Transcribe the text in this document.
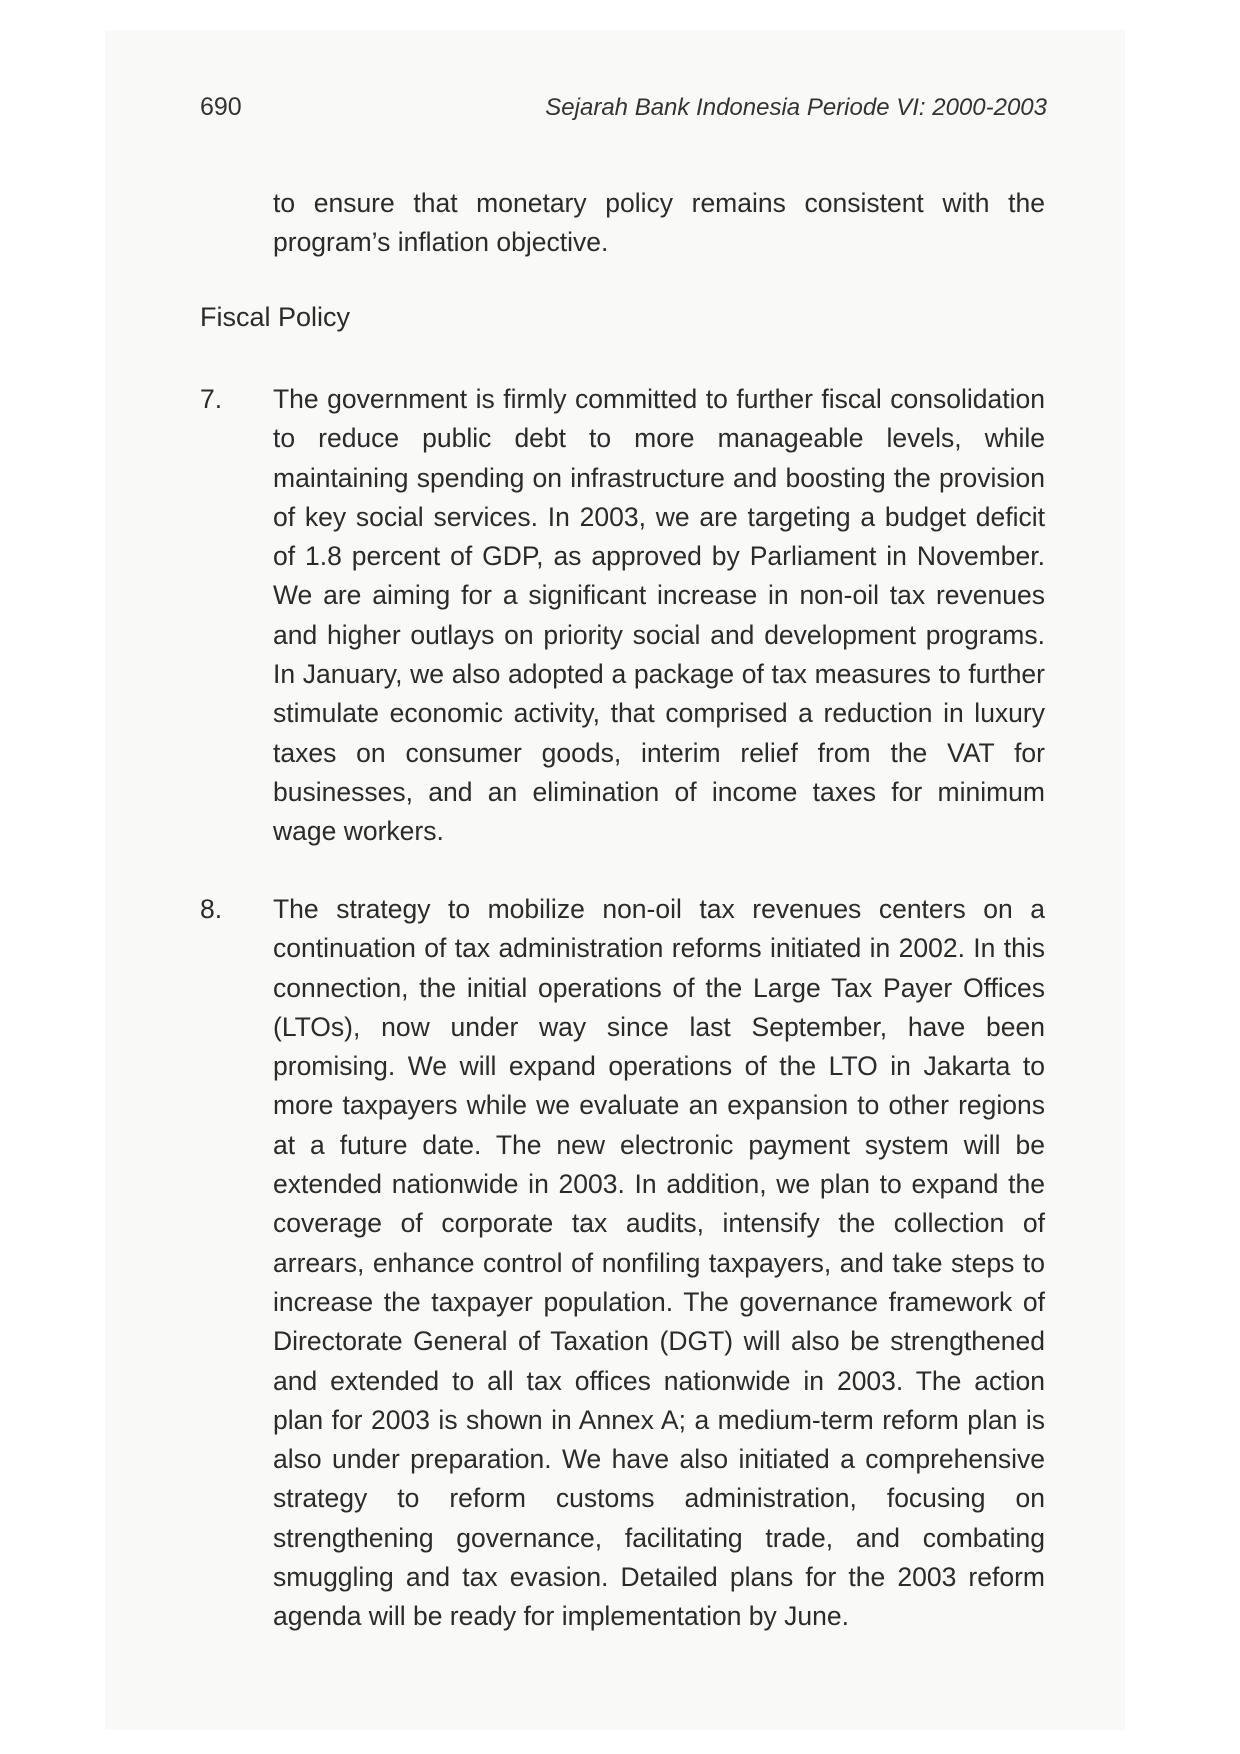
690	Sejarah Bank Indonesia Periode VI: 2000-2003
to ensure that monetary policy remains consistent with the program’s inflation objective.
Fiscal Policy
7.	The government is firmly committed to further fiscal consolidation to reduce public debt to more manageable levels, while maintaining spending on infrastructure and boosting the provision of key social services. In 2003, we are targeting a budget deficit of 1.8 percent of GDP, as approved by Parliament in November. We are aiming for a significant increase in non-oil tax revenues and higher outlays on priority social and development programs. In January, we also adopted a package of tax measures to further stimulate economic activity, that comprised a reduction in luxury taxes on consumer goods, interim relief from the VAT for businesses, and an elimination of income taxes for minimum wage workers.
8.	The strategy to mobilize non-oil tax revenues centers on a continuation of tax administration reforms initiated in 2002. In this connection, the initial operations of the Large Tax Payer Offices (LTOs), now under way since last September, have been promising. We will expand operations of the LTO in Jakarta to more taxpayers while we evaluate an expansion to other regions at a future date. The new electronic payment system will be extended nationwide in 2003. In addition, we plan to expand the coverage of corporate tax audits, intensify the collection of arrears, enhance control of nonfiling taxpayers, and take steps to increase the taxpayer population. The governance framework of Directorate General of Taxation (DGT) will also be strengthened and extended to all tax offices nationwide in 2003. The action plan for 2003 is shown in Annex A; a medium-term reform plan is also under preparation. We have also initiated a comprehensive strategy to reform customs administration, focusing on strengthening governance, facilitating trade, and combating smuggling and tax evasion. Detailed plans for the 2003 reform agenda will be ready for implementation by June.
